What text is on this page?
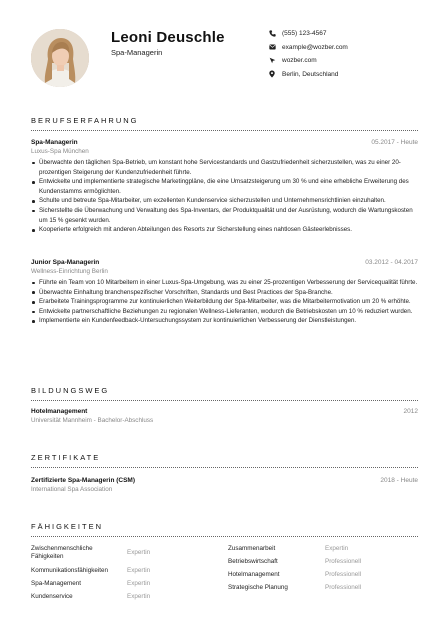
Leoni Deuschle
Spa-Managerin
(555) 123-4567
example@wozber.com
wozber.com
Berlin, Deutschland
BERUFSERFAHRUNG
Spa-Managerin	05.2017 - Heute
Luxus-Spa München
Überwachte den täglichen Spa-Betrieb, um konstant hohe Servicestandards und Gastzufriedenheit sicherzustellen, was zu einer 20-prozentigen Steigerung der Kundenzufriedenheit führte.
Entwickelte und implementierte strategische Marketingpläne, die eine Umsatzsteigerung um 30 % und eine erhebliche Erweiterung des Kundenstamms ermöglichten.
Schulte und betreute Spa-Mitarbeiter, um exzellenten Kundenservice sicherzustellen und Unternehmensrichtlinien einzuhalten.
Sicherstellte die Überwachung und Verwaltung des Spa-Inventars, der Produktqualität und der Ausrüstung, wodurch die Wartungskosten um 15 % gesenkt wurden.
Kooperierte erfolgreich mit anderen Abteilungen des Resorts zur Sicherstellung eines nahtlosen Gästeerlebnisses.
Junior Spa-Managerin	03.2012 - 04.2017
Wellness-Einrichtung Berlin
Führte ein Team von 10 Mitarbeitern in einer Luxus-Spa-Umgebung, was zu einer 25-prozentigen Verbesserung der Servicequalität führte.
Überwachte Einhaltung branchenspezifischer Vorschriften, Standards und Best Practices der Spa-Branche.
Erarbeitete Trainingsprogramme zur kontinuierlichen Weiterbildung der Spa-Mitarbeiter, was die Mitarbeitermotivation um 20 % erhöhte.
Entwickelte partnerschaftliche Beziehungen zu regionalen Wellness-Lieferanten, wodurch die Betriebskosten um 10 % reduziert wurden.
Implementierte ein Kundenfeedback-Untersuchungssystem zur kontinuierlichen Verbesserung der Dienstleistungen.
BILDUNGSWEG
Hotelmanagement	2012
Universität Mannheim - Bachelor-Abschluss
ZERTIFIKATE
Zertifizierte Spa-Managerin (CSM)	2018 - Heute
International Spa Association
FÄHIGKEITEN
Zwischenmenschliche Fähigkeiten
Expertin
Kommunikationsfähigkeiten	Expertin
Spa-Management	Expertin
Kundenservice	Expertin
Zusammenarbeit	Expertin
Betriebswirtschaft	Professionell
Hotelmanagement	Professionell
Strategische Planung	Professionell
